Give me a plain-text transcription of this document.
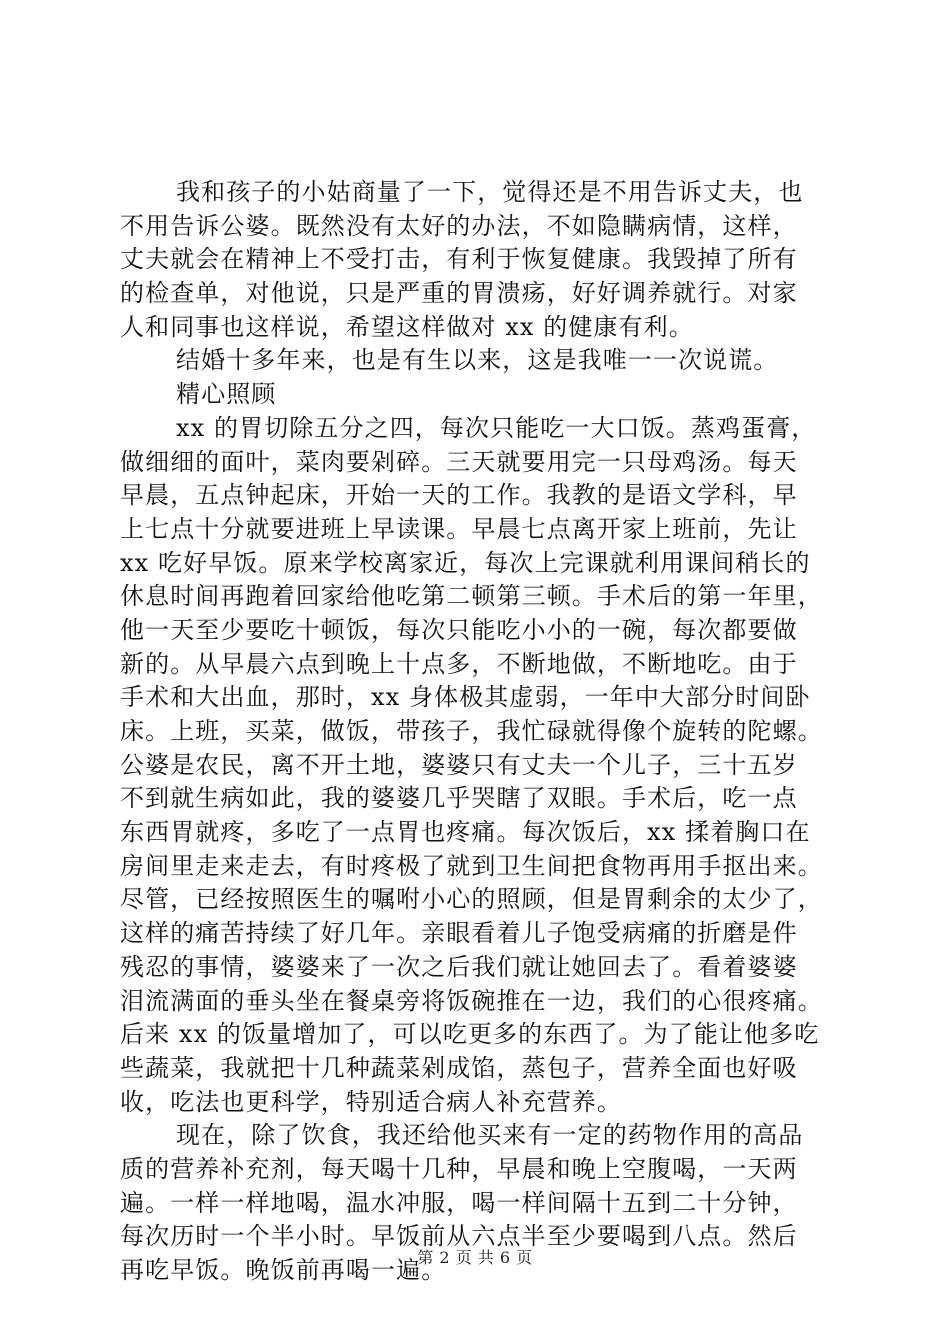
我和孩子的小姑商量了一下，觉得还是不用告诉丈夫，也
不用告诉公婆。既然没有太好的办法，不如隐瞒病情，这样，
丈夫就会在精神上不受打击，有利于恢复健康。我毁掉了所有
的检查单，对他说，只是严重的胃溃疡，好好调养就行。对家
人和同事也这样说，希望这样做对 xx 的健康有利。
结婚十多年来，也是有生以来，这是我唯一一次说谎。
精心照顾
xx 的胃切除五分之四，每次只能吃一大口饭。蒸鸡蛋膏，
做细细的面叶，菜肉要剁碎。三天就要用完一只母鸡汤。每天
早晨，五点钟起床，开始一天的工作。我教的是语文学科，早
上七点十分就要进班上早读课。早晨七点离开家上班前，先让
xx 吃好早饭。原来学校离家近，每次上完课就利用课间稍长的
休息时间再跑着回家给他吃第二顿第三顿。手术后的第一年里，
他一天至少要吃十顿饭，每次只能吃小小的一碗，每次都要做
新的。从早晨六点到晚上十点多，不断地做，不断地吃。由于
手术和大出血，那时，xx 身体极其虚弱，一年中大部分时间卧
床。上班，买菜，做饭，带孩子，我忙碌就得像个旋转的陀螺。
公婆是农民，离不开土地，婆婆只有丈夫一个儿子，三十五岁
不到就生病如此，我的婆婆几乎哭瞎了双眼。手术后，吃一点
东西胃就疼，多吃了一点胃也疼痛。每次饭后，xx 揉着胸口在
房间里走来走去，有时疼极了就到卫生间把食物再用手抠出来。
尽管，已经按照医生的嘱咐小心的照顾，但是胃剩余的太少了，
这样的痛苦持续了好几年。亲眼看着儿子饱受病痛的折磨是件
残忍的事情，婆婆来了一次之后我们就让她回去了。看着婆婆
泪流满面的垂头坐在餐桌旁将饭碗推在一边，我们的心很疼痛。
后来 xx 的饭量增加了，可以吃更多的东西了。为了能让他多吃
些蔬菜，我就把十几种蔬菜剁成馅，蒸包子，营养全面也好吸
收，吃法也更科学，特别适合病人补充营养。
现在，除了饮食，我还给他买来有一定的药物作用的高品
质的营养补充剂，每天喝十几种，早晨和晚上空腹喝，一天两
遍。一样一样地喝，温水冲服，喝一样间隔十五到二十分钟，
每次历时一个半小时。早饭前从六点半至少要喝到八点。然后
再吃早饭。晚饭前再喝一遍。
第 2 页 共 6 页
